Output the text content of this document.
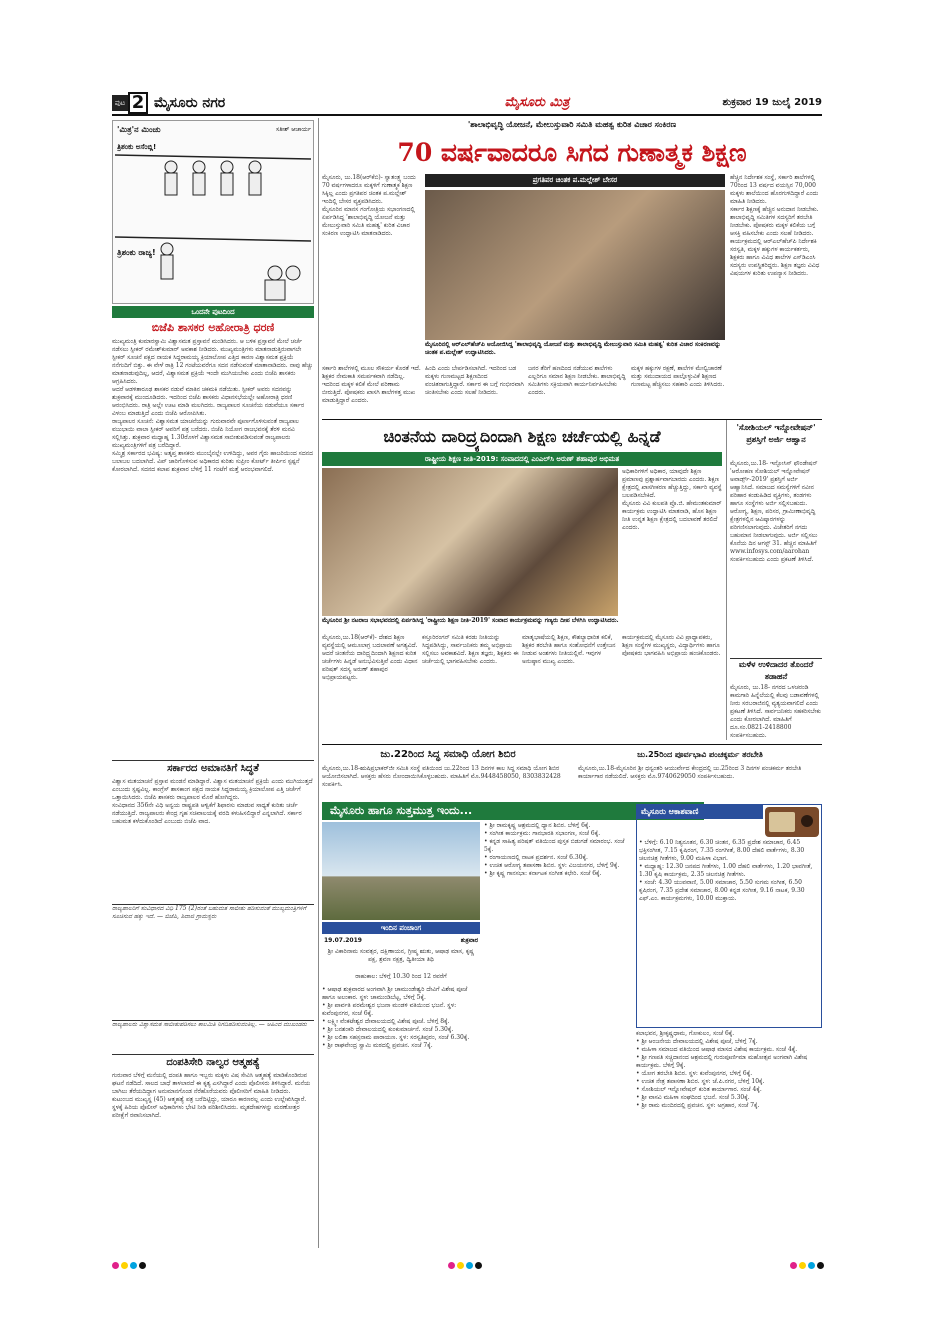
ಪುಟ 2 ಮೈಸೂರು ನಗರ	ಮೈಸೂರು ಮಿತ್ರ	ಶುಕ್ರವಾರ 19 ಜುಲೈ 2019
'ಮಿತ್ರ'ನ ಮಿಂಚು	ಸತೀಶ್ ಆಚಾರ್ಯ
ತ್ರಿಶಂಕು ಅಸೆಂಬ್ಲಿ!
ತ್ರಿಶಂಕು ರಾಜ್ಯ!
ಒಂದನೇ ಪುಟದಿಂದ
ಬಿಜೆಪಿ ಶಾಸಕರ ಅಹೋರಾತ್ರಿ ಧರಣಿ
ಮುಖ್ಯಮಂತ್ರಿ ಕುಮಾರಸ್ವಾಮಿ ವಿಶ್ವಾಸಮತ ಪ್ರಸ್ತಾವನೆ ಮಂಡಿಸಿದರು. ಆ ಬಳಿಕ ಪ್ರಸ್ತಾವನೆ ಮೇಲೆ ಚರ್ಚೆ ನಡೆಸಲು ಸ್ಪೀಕರ್ ರಮೇಶ್‌ಕುಮಾರ್ ಅವಕಾಶ ನೀಡಿದರು. ಮುಖ್ಯಮಂತ್ರಿಗಳು ಮಾತನಾಡುತ್ತಿರುವಾಗಲೇ ಸ್ಪೀಕರ್ ಸೂಚನೆ ಪಕ್ಷದ ನಾಯಕ ಸಿದ್ದರಾಮಯ್ಯ ಕ್ರಿಯಾಲೋಪ ಎತ್ತಿದ ಕಾರಣ ವಿಶ್ವಾಸಮತ ಪ್ರಕ್ರಿಯೆ ನನೆಗುದಿಗೆ ಬಿತ್ತು. ಈ ವೇಳೆ ರಾತ್ರಿ 12 ಗಂಟೆಯವರೆಗೂ ಸದನ ನಡೆಸುವಂತೆ ಮಾತಾನಾಡಿದರು. ನಾವು ಹೆಚ್ಚು ಮಾತನಾಡುವುದಿಲ್ಲ, ಆದರೆ, ವಿಶ್ವಾಸಮತ ಪ್ರಕ್ರಿಯೆ ಇಂದೇ ಮುಗಿಯಬೇಕು ಎಂದು ಬಿಜೆಪಿ ಶಾಸಕರು ಆಗ್ರಹಿಸಿದರು.
ಆದರೆ ಆಡಳಿತಾರೂಢ ಶಾಸಕರ ನಡುವೆ ಮಾತಿನ ಚಕಮಕಿ ನಡೆಯಿತು. ಸ್ಪೀಕರ್ ಅವರು ಸದನವನ್ನು ಶುಕ್ರವಾರಕ್ಕೆ ಮುಂದೂಡಿದರು. ಇದರಿಂದ ಬಿಜೆಪಿ ಶಾಸಕರು ವಿಧಾನಸಭೆಯಲ್ಲೇ ಅಹೋರಾತ್ರಿ ಧರಣಿ ಆರಂಭಿಸಿದರು. ರಾತ್ರಿ ಅಲ್ಲೇ ಊಟ ಮಾಡಿ ಮಲಗಿದರು. ರಾಜ್ಯಪಾಲರ ಸೂಚನೆಯ ನಡುವೆಯೂ ಸರ್ಕಾರ ವಿಳಂಬ ಮಾಡುತ್ತಿದೆ ಎಂದು ಬಿಜೆಪಿ ಆರೋಪಿಸಿತು.
ರಾಜ್ಯಪಾಲರ ಸೂಚನೆ: ವಿಶ್ವಾಸಮತ ಯಾಚನೆಯನ್ನು ಗುರುವಾರವೇ ಪೂರ್ಣಗೊಳಿಸುವಂತೆ ರಾಜ್ಯಪಾಲ ವಜುಭಾಯಿ ವಾಲಾ ಸ್ಪೀಕರ್ ಅವರಿಗೆ ಪತ್ರ ಬರೆದರು. ಬಿಜೆಪಿ ನಿಯೋಗ ರಾಜಭವನಕ್ಕೆ ತೆರಳಿ ಮನವಿ ಸಲ್ಲಿಸಿತ್ತು. ಶುಕ್ರವಾರ ಮಧ್ಯಾಹ್ನ 1.30ರೊಳಗೆ ವಿಶ್ವಾಸಮತ ಸಾಬೀತುಪಡಿಸುವಂತೆ ರಾಜ್ಯಪಾಲರು ಮುಖ್ಯಮಂತ್ರಿಗಳಿಗೆ ಪತ್ರ ಬರೆದಿದ್ದಾರೆ.
ಸಮ್ಮಿಶ್ರ ಸರ್ಕಾರದ ಭವಿಷ್ಯ: ಅತೃಪ್ತ ಶಾಸಕರು ಮುಂಬೈನಲ್ಲೇ ಉಳಿದಿದ್ದು, ಅವರ ಗೈರು ಹಾಜರಿಯಿಂದ ಸದನದ ಬಲಾಬಲ ಬದಲಾಗಿದೆ. ವಿಪ್ ಜಾರಿಗೊಳಿಸುವ ಅಧಿಕಾರದ ಕುರಿತು ಸುಪ್ರೀಂ ಕೋರ್ಟ್ ತೀರ್ಪಿನ ಸ್ಪಷ್ಟನೆ ಕೋರಲಾಗಿದೆ. ಸದನದ ಕಲಾಪ ಶುಕ್ರವಾರ ಬೆಳಿಗ್ಗೆ 11 ಗಂಟೆಗೆ ಮತ್ತೆ ಆರಂಭವಾಗಲಿದೆ.
ಸರ್ಕಾರದ ಅಮಾನತಿಗೆ ಸಿದ್ಧತೆ
ವಿಶ್ವಾಸ ಮತಯಾಚನೆ ಪ್ರಸ್ತಾವ ಮಂಡನೆ ಮಾಡಿದ್ದಾರೆ. ವಿಶ್ವಾಸ ಮತಯಾಚನೆ ಪ್ರಕ್ರಿಯೆ ಎಂದು ಮುಗಿಯುತ್ತದೆ ಎಂಬುದು ಸ್ಪಷ್ಟವಿಲ್ಲ. ಕಾಂಗ್ರೆಸ್ ಶಾಸಕಾಂಗ ಪಕ್ಷದ ನಾಯಕ ಸಿದ್ದರಾಮಯ್ಯ ಕ್ರಿಯಾಲೋಪ ಎತ್ತಿ ಚರ್ಚೆಗೆ ಒತ್ತಾಯಿಸಿದರು. ಬಿಜೆಪಿ ಶಾಸಕರು ರಾಜ್ಯಪಾಲರ ಮೊರೆ ಹೋಗಿದ್ದರು.
ಸಂವಿಧಾನದ 356ನೇ ವಿಧಿ ಅನ್ವಯ ರಾಷ್ಟ್ರಪತಿ ಆಳ್ವಿಕೆಗೆ ಶಿಫಾರಸು ಮಾಡುವ ಸಾಧ್ಯತೆ ಕುರಿತು ಚರ್ಚೆ ನಡೆಯುತ್ತಿದೆ. ರಾಜ್ಯಪಾಲರು ಕೇಂದ್ರ ಗೃಹ ಸಚಿವಾಲಯಕ್ಕೆ ವರದಿ ಕಳುಹಿಸಲಿದ್ದಾರೆ ಎನ್ನಲಾಗಿದೆ. ಸರ್ಕಾರ ಬಹುಮತ ಕಳೆದುಕೊಂಡಿದೆ ಎಂಬುದು ಬಿಜೆಪಿ ವಾದ.
ರಾಜ್ಯಪಾಲರಿಗೆ ಸಂವಿಧಾನದ ವಿಧಿ 175 (2)ರಂತೆ ಬಹುಮತ ಸಾಬೀತು ಪಡಿಸುವಂತೆ ಮುಖ್ಯಮಂತ್ರಿಗಳಿಗೆ ಸೂಚಿಸುವ ಹಕ್ಕು ಇದೆ. — ಬಿಜೆಪಿ, ಶಿವಾಜಿ ಗ್ರಾಮಸ್ಥರು
ರಾಜ್ಯಪಾಲರು ವಿಶ್ವಾಸಮತ ಸಾಬೀತುಪಡಿಸಲು ಕಾಲಮಿತಿ ನಿಗದಿಪಡಿಸುವಂತಿಲ್ಲ. — ಅಹಿಂದ ಮುಖಂಡರು
ದಂಪತಿಸೇರಿ ನಾಲ್ವರ ಆತ್ಮಹತ್ಯೆ
ಗುರುವಾರ ಬೆಳಿಗ್ಗೆ ಮನೆಯಲ್ಲಿ ದಂಪತಿ ಹಾಗೂ ಇಬ್ಬರು ಮಕ್ಕಳು ವಿಷ ಸೇವಿಸಿ ಆತ್ಮಹತ್ಯೆ ಮಾಡಿಕೊಂಡಿರುವ ಘಟನೆ ನಡೆದಿದೆ. ಸಾಲದ ಬಾಧೆ ತಾಳಲಾರದೆ ಈ ಕೃತ್ಯ ಎಸಗಿದ್ದಾರೆ ಎಂದು ಪೊಲೀಸರು ತಿಳಿಸಿದ್ದಾರೆ. ಮನೆಯ ಬಾಗಿಲು ತೆರೆಯದಿದ್ದಾಗ ಅನುಮಾನಗೊಂಡ ನೆರೆಹೊರೆಯವರು ಪೊಲೀಸರಿಗೆ ಮಾಹಿತಿ ನೀಡಿದರು.
ಕುಟುಂಬದ ಮುಖ್ಯಸ್ಥ (45) ಆತ್ಮಹತ್ಯೆ ಪತ್ರ ಬರೆದಿಟ್ಟಿದ್ದು, ಯಾರೂ ಕಾರಣರಲ್ಲ ಎಂದು ಉಲ್ಲೇಖಿಸಿದ್ದಾರೆ. ಸ್ಥಳಕ್ಕೆ ಹಿರಿಯ ಪೊಲೀಸ್ ಅಧಿಕಾರಿಗಳು ಭೇಟಿ ನೀಡಿ ಪರಿಶೀಲಿಸಿದರು. ಮೃತದೇಹಗಳನ್ನು ಮರಣೋತ್ತರ ಪರೀಕ್ಷೆಗೆ ರವಾನಿಸಲಾಗಿದೆ.
'ಶಾಲಾಭಿವೃದ್ಧಿ ಯೋಜನೆ, ಮೇಲುಸ್ತುವಾರಿ ಸಮಿತಿ ಮಹತ್ವ ಕುರಿತ ವಿಚಾರ ಸಂಕಿರಣ
70 ವರ್ಷವಾದರೂ ಸಿಗದ ಗುಣಾತ್ಮಕ ಶಿಕ್ಷಣ
ಪ್ರಗತಿಪರ ಚಿಂತಕ ಪ.ಮಲ್ಲೇಶ್ ಬೇಸರ
ಮೈಸೂರು, ಜು.18(ಆರ್‌ಕೆಬಿ)- ಸ್ವಾತಂತ್ರ್ಯ ಬಂದು 70 ವರ್ಷಗಳಾದರೂ ಮಕ್ಕಳಿಗೆ ಗುಣಾತ್ಮಕ ಶಿಕ್ಷಣ ಸಿಕ್ಕಿಲ್ಲ ಎಂದು ಪ್ರಗತಿಪರ ಚಿಂತಕ ಪ.ಮಲ್ಲೇಶ್ ಇಂದಿಲ್ಲಿ ಬೇಸರ ವ್ಯಕ್ತಪಡಿಸಿದರು.
ಮೈಸೂರಿನ ಮಾನಸ ಗಂಗೋತ್ರಿಯ ಸಭಾಂಗಣದಲ್ಲಿ ಏರ್ಪಡಿಸಿದ್ದ 'ಶಾಲಾಭಿವೃದ್ಧಿ ಯೋಜನೆ ಮತ್ತು ಮೇಲುಸ್ತುವಾರಿ ಸಮಿತಿ ಮಹತ್ವ' ಕುರಿತ ವಿಚಾರ ಸಂಕಿರಣ ಉದ್ಘಾಟಿಸಿ ಮಾತನಾಡಿದರು.
ಮೈಸೂರಿನಲ್ಲಿ ಆರ್‌ಎಲ್‌ಹೆಚ್‌ಪಿ ಆಯೋಜಿಸಿದ್ದ 'ಶಾಲಾಭಿವೃದ್ಧಿ ಯೋಜನೆ ಮತ್ತು ಶಾಲಾಭಿವೃದ್ಧಿ ಮೇಲುಸ್ತುವಾರಿ ಸಮಿತಿ ಮಹತ್ವ' ಕುರಿತ ವಿಚಾರ ಸಂಕಿರಣವನ್ನು ಚಿಂತಕ ಪ.ಮಲ್ಲೇಶ್ ಉದ್ಘಾಟಿಸಿದರು.
ಸರ್ಕಾರಿ ಶಾಲೆಗಳಲ್ಲಿ ಮೂಲ ಸೌಕರ್ಯ ಕೊರತೆ ಇದೆ. ಶಿಕ್ಷಕರ ನೇಮಕಾತಿ ಸಮರ್ಪಕವಾಗಿ ನಡೆದಿಲ್ಲ. ಇದರಿಂದ ಮಕ್ಕಳ ಕಲಿಕೆ ಮೇಲೆ ಪರಿಣಾಮ ಬೀರುತ್ತಿದೆ. ಪೋಷಕರು ಖಾಸಗಿ ಶಾಲೆಗಳತ್ತ ಮುಖ ಮಾಡುತ್ತಿದ್ದಾರೆ ಎಂದರು.
ಹಿಂದಿ ಎಂದು ಬೇರ್ಪಡಿಸಲಾಗಿದೆ. ಇದರಿಂದ ಬಡ ಮಕ್ಕಳು ಗುಣಮಟ್ಟದ ಶಿಕ್ಷಣದಿಂದ ವಂಚಿತರಾಗುತ್ತಿದ್ದಾರೆ. ಸರ್ಕಾರ ಈ ಬಗ್ಗೆ ಗಂಭೀರವಾಗಿ ಚಿಂತಿಸಬೇಕು ಎಂದು ಸಲಹೆ ನೀಡಿದರು.
ಜನರ ತೆರಿಗೆ ಹಣದಿಂದ ನಡೆಯುವ ಶಾಲೆಗಳು ಎಲ್ಲರಿಗೂ ಸಮಾನ ಶಿಕ್ಷಣ ನೀಡಬೇಕು. ಶಾಲಾಭಿವೃದ್ಧಿ ಸಮಿತಿಗಳು ಸಕ್ರಿಯವಾಗಿ ಕಾರ್ಯನಿರ್ವಹಿಸಬೇಕು ಎಂದರು.
ಮಕ್ಕಳ ಹಕ್ಕುಗಳ ರಕ್ಷಣೆ, ಶಾಲೆಗಳ ಮೇಲ್ವಿಚಾರಣೆ ಮತ್ತು ಸಮುದಾಯದ ಪಾಲ್ಗೊಳ್ಳುವಿಕೆ ಶಿಕ್ಷಣದ ಗುಣಮಟ್ಟ ಹೆಚ್ಚಿಸಲು ಸಹಕಾರಿ ಎಂದು ತಿಳಿಸಿದರು.
ಹೆಚ್ಚಿನ ನಿರ್ದೇಶಕ ಸಂಸ್ಥೆ, ಸರ್ಕಾರಿ ಶಾಲೆಗಳಲ್ಲಿ 70ರಿಂದ 13 ವರ್ಷದ ವಯಸ್ಸಿನ 70,000 ಮಕ್ಕಳು ಶಾಲೆಯಿಂದ ಹೊರಗುಳಿದಿದ್ದಾರೆ ಎಂದು ಮಾಹಿತಿ ನೀಡಿದರು.
ಸರ್ಕಾರ ಶಿಕ್ಷಣಕ್ಕೆ ಹೆಚ್ಚಿನ ಅನುದಾನ ನೀಡಬೇಕು. ಶಾಲಾಭಿವೃದ್ಧಿ ಸಮಿತಿಗಳ ಸದಸ್ಯರಿಗೆ ತರಬೇತಿ ನೀಡಬೇಕು. ಪೋಷಕರು ಮಕ್ಕಳ ಕಲಿಕೆಯ ಬಗ್ಗೆ ಆಸಕ್ತಿ ವಹಿಸಬೇಕು ಎಂದು ಸಲಹೆ ನೀಡಿದರು.
ಕಾರ್ಯಕ್ರಮದಲ್ಲಿ ಆರ್‌ಎಲ್‌ಹೆಚ್‌ಪಿ ನಿರ್ದೇಶಕಿ ಸರಸ್ವತಿ, ಮಕ್ಕಳ ಹಕ್ಕುಗಳ ಕಾರ್ಯಕರ್ತರು, ಶಿಕ್ಷಕರು ಹಾಗೂ ವಿವಿಧ ಶಾಲೆಗಳ ಎಸ್‌ಡಿಎಂಸಿ ಸದಸ್ಯರು ಉಪಸ್ಥಿತರಿದ್ದರು. ಶಿಕ್ಷಣ ತಜ್ಞರು ವಿವಿಧ ವಿಷಯಗಳ ಕುರಿತು ಉಪನ್ಯಾಸ ನೀಡಿದರು.
ಚಿಂತನೆಯ ದಾರಿದ್ರ್ಯದಿಂದಾಗಿ ಶಿಕ್ಷಣ ಚರ್ಚೆಯಲ್ಲಿ ಹಿನ್ನಡೆ
ರಾಷ್ಟ್ರೀಯ ಶಿಕ್ಷಣ ನೀತಿ-2019: ಸಂವಾದದಲ್ಲಿ ಎಂಎಲ್‌ಸಿ ಅರುಣ್ ಶಹಾಪುರ ಅಭಿಮತ
ಮೈಸೂರಿನ ಶ್ರೀ ನಟರಾಜ ಸಭಾಭವನದಲ್ಲಿ ಏರ್ಪಡಿಸಿದ್ದ 'ರಾಷ್ಟ್ರೀಯ ಶಿಕ್ಷಣ ನೀತಿ-2019' ಸಂವಾದ ಕಾರ್ಯಕ್ರಮವನ್ನು ಗಣ್ಯರು ದೀಪ ಬೆಳಗಿಸಿ ಉದ್ಘಾಟಿಸಿದರು.
ಮೈಸೂರು,ಜು.18(ಆರ್‌ಕೆ)- ದೇಶದ ಶಿಕ್ಷಣ ವ್ಯವಸ್ಥೆಯಲ್ಲಿ ಆಮೂಲಾಗ್ರ ಬದಲಾವಣೆ ಅಗತ್ಯವಿದೆ. ಆದರೆ ಚಿಂತನೆಯ ದಾರಿದ್ರ್ಯದಿಂದಾಗಿ ಶಿಕ್ಷಣದ ಕುರಿತ ಚರ್ಚೆಗಳು ಹಿನ್ನಡೆ ಅನುಭವಿಸುತ್ತಿವೆ ಎಂದು ವಿಧಾನ ಪರಿಷತ್ ಸದಸ್ಯ ಅರುಣ್ ಶಹಾಪುರ ಅಭಿಪ್ರಾಯಪಟ್ಟರು.
ಕಸ್ತೂರಿರಂಗನ್ ಸಮಿತಿ ಕರಡು ನೀತಿಯನ್ನು ಸಿದ್ಧಪಡಿಸಿದ್ದು, ಸಾರ್ವಜನಿಕರು ತಮ್ಮ ಅಭಿಪ್ರಾಯ ಸಲ್ಲಿಸಲು ಅವಕಾಶವಿದೆ. ಶಿಕ್ಷಣ ತಜ್ಞರು, ಶಿಕ್ಷಕರು ಈ ಚರ್ಚೆಯಲ್ಲಿ ಭಾಗವಹಿಸಬೇಕು ಎಂದರು.
ಮಾತೃಭಾಷೆಯಲ್ಲಿ ಶಿಕ್ಷಣ, ಕೌಶಲ್ಯಾಧಾರಿತ ಕಲಿಕೆ, ಶಿಕ್ಷಕರ ತರಬೇತಿ ಹಾಗೂ ಸಂಶೋಧನೆಗೆ ಉತ್ತೇಜನ ನೀಡುವ ಅಂಶಗಳು ನೀತಿಯಲ್ಲಿವೆ. ಇವುಗಳ ಅನುಷ್ಠಾನ ಮುಖ್ಯ ಎಂದರು.
ಕಾರ್ಯಕ್ರಮದಲ್ಲಿ ಮೈಸೂರು ವಿವಿ ಪ್ರಾಧ್ಯಾಪಕರು, ಶಿಕ್ಷಣ ಸಂಸ್ಥೆಗಳ ಮುಖ್ಯಸ್ಥರು, ವಿದ್ಯಾರ್ಥಿಗಳು ಹಾಗೂ ಪೋಷಕರು ಭಾಗವಹಿಸಿ ಅಭಿಪ್ರಾಯ ಹಂಚಿಕೊಂಡರು.
ಅಧಿಕಾರಿಗಳಿಗೆ ಅಧಿಕಾರ, ಯಾವುದೇ ಶಿಕ್ಷಣ ಪ್ರಮಾಣವು ಪ್ರಶ್ನಾರ್ಹವಾಗಬಾರದು ಎಂದರು. ಶಿಕ್ಷಣ ಕ್ಷೇತ್ರದಲ್ಲಿ ಖಾಸಗೀಕರಣ ಹೆಚ್ಚುತ್ತಿದ್ದು, ಸರ್ಕಾರಿ ವ್ಯವಸ್ಥೆ ಬಲಪಡಿಸಬೇಕಿದೆ.
ಮೈಸೂರು ವಿವಿ ಕುಲಪತಿ ಪ್ರೊ.ಜಿ. ಹೇಮಂತಕುಮಾರ್ ಕಾರ್ಯಕ್ರಮ ಉದ್ಘಾಟಿಸಿ ಮಾತನಾಡಿ, ಹೊಸ ಶಿಕ್ಷಣ ನೀತಿ ಉನ್ನತ ಶಿಕ್ಷಣ ಕ್ಷೇತ್ರದಲ್ಲಿ ಬದಲಾವಣೆ ತರಲಿದೆ ಎಂದರು.
'ಸೋಶಿಯಲ್ ಇನ್ನೋವೇಷನ್' ಪ್ರಶಸ್ತಿಗೆ ಅರ್ಜಿ ಆಹ್ವಾನ
ಮೈಸೂರು,ಜು.18- ಇನ್ಫೋಸಿಸ್ ಫೌಂಡೇಷನ್ 'ಆರೋಹಣ ಸೋಶಿಯಲ್ ಇನ್ನೋವೇಷನ್ ಅವಾರ್ಡ್ಸ್-2019' ಪ್ರಶಸ್ತಿಗೆ ಅರ್ಜಿ ಆಹ್ವಾನಿಸಿದೆ. ಸಮಾಜದ ಸಮಸ್ಯೆಗಳಿಗೆ ನವೀನ ಪರಿಹಾರ ಕಂಡುಹಿಡಿದ ವ್ಯಕ್ತಿಗಳು, ತಂಡಗಳು ಹಾಗೂ ಸಂಸ್ಥೆಗಳು ಅರ್ಜಿ ಸಲ್ಲಿಸಬಹುದು. ಆರೋಗ್ಯ, ಶಿಕ್ಷಣ, ಪರಿಸರ, ಗ್ರಾಮೀಣಾಭಿವೃದ್ಧಿ ಕ್ಷೇತ್ರಗಳಲ್ಲಿನ ಆವಿಷ್ಕಾರಗಳನ್ನು ಪರಿಗಣಿಸಲಾಗುವುದು. ವಿಜೇತರಿಗೆ ನಗದು ಬಹುಮಾನ ನೀಡಲಾಗುವುದು. ಅರ್ಜಿ ಸಲ್ಲಿಸಲು ಕೊನೆಯ ದಿನ ಆಗಸ್ಟ್ 31. ಹೆಚ್ಚಿನ ಮಾಹಿತಿಗೆ www.infosys.com/aarohan ಸಂಪರ್ಕಿಸಬಹುದು ಎಂದು ಪ್ರಕಟಣೆ ತಿಳಿಸಿದೆ.
ಮಳೆಳ ಉಳಿದಾದರ ತೊಂದರೆ ತಡಾಹನೆ
ಮೈಸೂರು, ಜು.18- ನಗರದ ಒಳಚರಂಡಿ ಕಾಮಗಾರಿ ಹಿನ್ನೆಲೆಯಲ್ಲಿ ಕೆಲವು ಬಡಾವಣೆಗಳಲ್ಲಿ ನೀರು ಸರಬರಾಜಿನಲ್ಲಿ ವ್ಯತ್ಯಯವಾಗಲಿದೆ ಎಂದು ಪ್ರಕಟಣೆ ತಿಳಿಸಿದೆ. ಸಾರ್ವಜನಿಕರು ಸಹಕರಿಸಬೇಕು ಎಂದು ಕೋರಲಾಗಿದೆ. ಮಾಹಿತಿಗೆ ದೂ.ಸಂ.0821-2418800 ಸಂಪರ್ಕಿಸಬಹುದು.
ಜು.22ರಿಂದ ಸಿದ್ಧ ಸಮಾಧಿ ಯೋಗ ಶಿಬಿರ
ಮೈಸೂರು,ಜು.18-ಋಷಿಪ್ರಭಾಕರ್‌ಜೀ ಸಮಿತಿ ಸಂಸ್ಥೆ ವತಿಯಿಂದ ಜು.22ರಿಂದ 13 ದಿನಗಳ ಕಾಲ ಸಿದ್ಧ ಸಮಾಧಿ ಯೋಗ ಶಿಬಿರ ಆಯೋಜಿಸಲಾಗಿದೆ. ಆಸಕ್ತರು ಹೆಸರು ನೋಂದಾಯಿಸಿಕೊಳ್ಳಬಹುದು. ಮಾಹಿತಿಗೆ ಮೊ.9448458050, 8303832428 ಸಂಪರ್ಕಿಸಿ.
ಜು.25ರಿಂದ ಪೂರ್ವಭಾವಿ ಪಂಚಕ್ಕರ್ಮ ತರಬೇತಿ
ಮೈಸೂರು,ಜು.18-ಮೈಸೂರಿನ ಶ್ರೀ ಧನ್ವಂತರಿ ಆಯುರ್ವೇದ ಕೇಂದ್ರದಲ್ಲಿ ಜು.25ರಿಂದ 3 ದಿನಗಳ ಪಂಚಕರ್ಮ ತರಬೇತಿ ಕಾರ್ಯಾಗಾರ ನಡೆಯಲಿದೆ. ಆಸಕ್ತರು ಮೊ.9740629050 ಸಂಪರ್ಕಿಸಬಹುದು.
ಮೈಸೂರು ಹಾಗೂ ಸುತ್ತಮುತ್ತ ಇಂದು...
ಇಂದಿನ ಪಂಚಾಂಗ
19.07.2019	ಶುಕ್ರವಾರ
ಶ್ರೀ ವಿಕಾರಿನಾಮ ಸಂವತ್ಸರ, ದಕ್ಷಿಣಾಯನ, ಗ್ರೀಷ್ಮ ಋತು, ಆಷಾಢ ಮಾಸ, ಕೃಷ್ಣ ಪಕ್ಷ, ಶ್ರವಣ ನಕ್ಷತ್ರ, ದ್ವಿತೀಯಾ ತಿಥಿ
ರಾಹುಕಾಲ: ಬೆಳಿಗ್ಗೆ 10.30 ರಿಂದ 12 ರವರೆಗೆ
• ಆಷಾಢ ಶುಕ್ರವಾರದ ಅಂಗವಾಗಿ ಶ್ರೀ ಚಾಮುಂಡೇಶ್ವರಿ ದೇವಿಗೆ ವಿಶೇಷ ಪೂಜೆ ಹಾಗೂ ಅಲಂಕಾರ. ಸ್ಥಳ: ಚಾಮುಂಡಿಬೆಟ್ಟ, ಬೆಳಿಗ್ಗೆ 5ಕ್ಕೆ.
• ಶ್ರೀ ಪಾರ್ವತಿ ಪರಮೇಶ್ವರ ಭಜನಾ ಮಂಡಳಿ ವತಿಯಿಂದ ಭಜನೆ. ಸ್ಥಳ: ಕುವೆಂಪುನಗರ, ಸಂಜೆ 6ಕ್ಕೆ.
• ಲಕ್ಷ್ಮೀ ವೆಂಕಟೇಶ್ವರ ದೇವಾಲಯದಲ್ಲಿ ವಿಶೇಷ ಪೂಜೆ. ಬೆಳಿಗ್ಗೆ 8ಕ್ಕೆ.
• ಶ್ರೀ ಬನಶಂಕರಿ ದೇವಾಲಯದಲ್ಲಿ ಕುಂಕುಮಾರ್ಚನೆ. ಸಂಜೆ 5.30ಕ್ಕೆ.
• ಶ್ರೀ ಲಲಿತಾ ಸಹಸ್ರನಾಮ ಪಾರಾಯಣ. ಸ್ಥಳ: ಸರಸ್ವತಿಪುರಂ, ಸಂಜೆ 6.30ಕ್ಕೆ.
• ಶ್ರೀ ರಾಘವೇಂದ್ರ ಸ್ವಾಮಿ ಮಠದಲ್ಲಿ ಪ್ರವಚನ. ಸಂಜೆ 7ಕ್ಕೆ.
• ಶ್ರೀ ರಾಮಕೃಷ್ಣ ಆಶ್ರಮದಲ್ಲಿ ಧ್ಯಾನ ಶಿಬಿರ. ಬೆಳಿಗ್ಗೆ 6ಕ್ಕೆ.
• ಸಂಗೀತ ಕಾರ್ಯಕ್ರಮ: ಗಾನಭಾರತಿ ಸಭಾಂಗಣ, ಸಂಜೆ 6ಕ್ಕೆ.
• ಕನ್ನಡ ಸಾಹಿತ್ಯ ಪರಿಷತ್ ವತಿಯಿಂದ ಪುಸ್ತಕ ಬಿಡುಗಡೆ ಸಮಾರಂಭ. ಸಂಜೆ 5ಕ್ಕೆ.
• ರಂಗಾಯಣದಲ್ಲಿ ನಾಟಕ ಪ್ರದರ್ಶನ. ಸಂಜೆ 6.30ಕ್ಕೆ.
• ಉಚಿತ ಆರೋಗ್ಯ ತಪಾಸಣಾ ಶಿಬಿರ. ಸ್ಥಳ: ವಿಜಯನಗರ, ಬೆಳಿಗ್ಗೆ 9ಕ್ಕೆ.
• ಶ್ರೀ ಕೃಷ್ಣ ಗಾನಸಭಾ: ಕರ್ನಾಟಕ ಸಂಗೀತ ಕಛೇರಿ. ಸಂಜೆ 6ಕ್ಕೆ.
ಮೈಸೂರು ಆಕಾಶವಾಣಿ
• ಬೆಳಿಗ್ಗೆ: 6.10 ನಿತ್ಯನೂತನ, 6.30 ಚಿಂತನ, 6.35 ಪ್ರದೇಶ ಸಮಾಚಾರ, 6.45 ಭಕ್ತಿಸಂಗೀತ, 7.15 ಕೃಷಿರಂಗ, 7.35 ರಂಗಗೀತೆ, 8.00 ದೆಹಲಿ ವಾರ್ತೆಗಳು, 8.30 ಚಲನಚಿತ್ರ ಗೀತೆಗಳು, 9.00 ಮಹಿಳಾ ವಿಭಾಗ.
• ಮಧ್ಯಾಹ್ನ: 12.30 ಜನಪದ ಗೀತೆಗಳು, 1.00 ದೆಹಲಿ ವಾರ್ತೆಗಳು, 1.20 ಭಾವಗೀತೆ, 1.30 ಕೃಷಿ ಕಾರ್ಯಕ್ರಮ, 2.35 ಚಲನಚಿತ್ರ ಗೀತೆಗಳು.
• ಸಂಜೆ: 4.30 ಯುವವಾಣಿ, 5.00 ಸಮಾಚಾರ, 5.50 ಸುಗಮ ಸಂಗೀತ, 6.50 ಕೃಷಿರಂಗ, 7.35 ಪ್ರದೇಶ ಸಮಾಚಾರ, 8.00 ಕನ್ನಡ ಸಂಗೀತ, 9.16 ನಾಟಕ, 9.30 ಎಫ್.ಎಂ. ಕಾರ್ಯಕ್ರಮಗಳು, 10.00 ಮುಕ್ತಾಯ.
ಕಲಾಭವನ, ಶ್ರೀಕೃಷ್ಣಧಾಮ, ಗೋಕುಲಂ, ಸಂಜೆ 6ಕ್ಕೆ.
• ಶ್ರೀ ಆಂಜನೇಯ ದೇವಾಲಯದಲ್ಲಿ ವಿಶೇಷ ಪೂಜೆ, ಬೆಳಿಗ್ಗೆ 7ಕ್ಕೆ.
• ಮಹಿಳಾ ಸಮಾಜದ ವತಿಯಿಂದ ಆಷಾಢ ಮಾಸದ ವಿಶೇಷ ಕಾರ್ಯಕ್ರಮ. ಸಂಜೆ 4ಕ್ಕೆ.
• ಶ್ರೀ ಗಣಪತಿ ಸಚ್ಚಿದಾನಂದ ಆಶ್ರಮದಲ್ಲಿ ಗುರುಪೂರ್ಣಿಮಾ ಮಹೋತ್ಸವ ಅಂಗವಾಗಿ ವಿಶೇಷ ಕಾರ್ಯಕ್ರಮ. ಬೆಳಿಗ್ಗೆ 9ಕ್ಕೆ.
• ಯೋಗ ತರಬೇತಿ ಶಿಬಿರ. ಸ್ಥಳ: ಕುವೆಂಪುನಗರ, ಬೆಳಿಗ್ಗೆ 6ಕ್ಕೆ.
• ಉಚಿತ ನೇತ್ರ ತಪಾಸಣಾ ಶಿಬಿರ. ಸ್ಥಳ: ಜೆ.ಪಿ.ನಗರ, ಬೆಳಿಗ್ಗೆ 10ಕ್ಕೆ.
• ಸೋಶಿಯಲ್ ಇನ್ನೋವೇಷನ್ ಕುರಿತ ಕಾರ್ಯಾಗಾರ. ಸಂಜೆ 4ಕ್ಕೆ.
• ಶ್ರೀ ವಾಸವಿ ಮಹಿಳಾ ಸಂಘದಿಂದ ಭಜನೆ. ಸಂಜೆ 5.30ಕ್ಕೆ.
• ಶ್ರೀ ರಾಮ ಮಂದಿರದಲ್ಲಿ ಪ್ರವಚನ. ಸ್ಥಳ: ಅಗ್ರಹಾರ, ಸಂಜೆ 7ಕ್ಕೆ.
